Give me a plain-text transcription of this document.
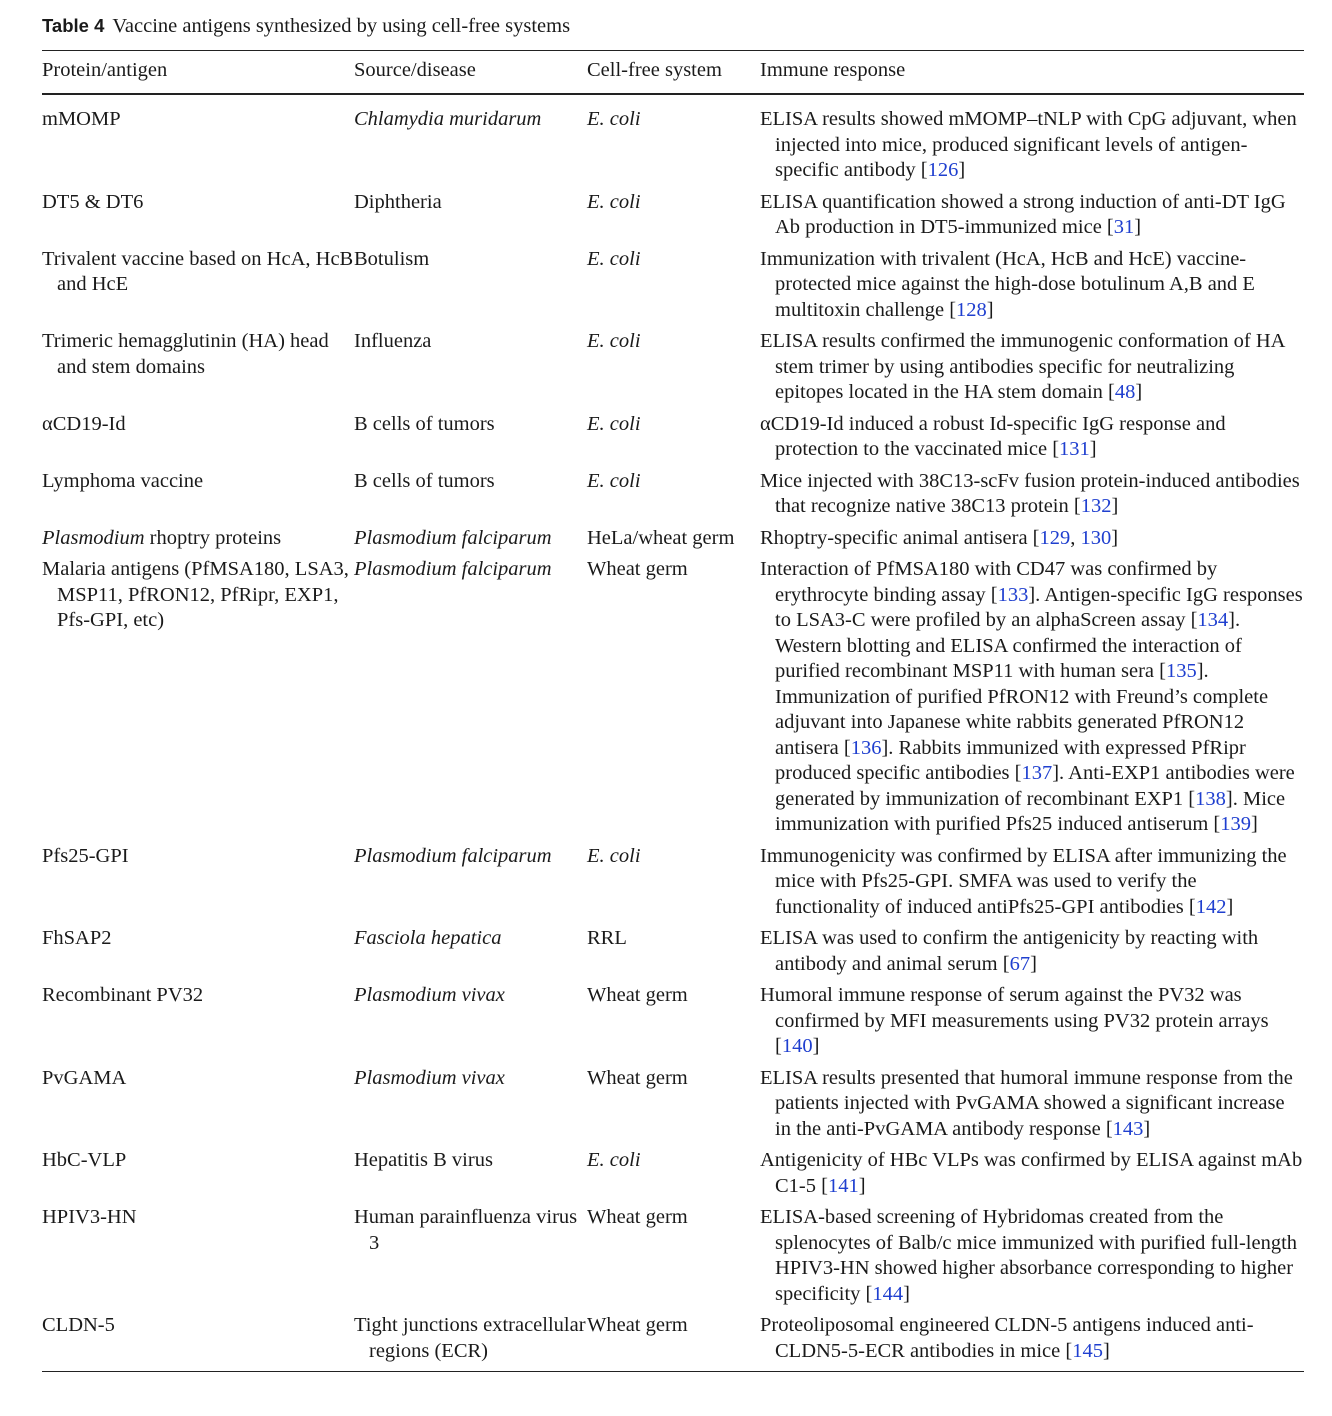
Table 4 Vaccine antigens synthesized by using cell-free systems
Protein/antigen	Source/disease	Cell-free system	Immune response

mMOMP	Chlamydia muridarum	E. coli	ELISA results showed mMOMP–tNLP with CpG adjuvant, when injected into mice, produced significant levels of antigen-specific antibody [126]

DT5 & DT6	Diphtheria	E. coli	ELISA quantification showed a strong induction of anti-DT IgG Ab production in DT5-immunized mice [31]

Trivalent vaccine based on HcA, HcB and HcE	Botulism	E. coli	Immunization with trivalent (HcA, HcB and HcE) vaccine-protected mice against the high-dose botulinum A,B and E multitoxin challenge [128]

Trimeric hemagglutinin (HA) head and stem domains	Influenza	E. coli	ELISA results confirmed the immunogenic conformation of HA stem trimer by using antibodies specific for neutralizing epitopes located in the HA stem domain [48]

αCD19-Id	B cells of tumors	E. coli	αCD19-Id induced a robust Id-specific IgG response and protection to the vaccinated mice [131]

Lymphoma vaccine	B cells of tumors	E. coli	Mice injected with 38C13-scFv fusion protein-induced antibodies that recognize native 38C13 protein [132]

Plasmodium rhoptry proteins	Plasmodium falciparum	HeLa/wheat germ	Rhoptry-specific animal antisera [129, 130]

Malaria antigens (PfMSA180, LSA3, MSP11, PfRON12, PfRipr, EXP1, Pfs-GPI, etc)	Plasmodium falciparum	Wheat germ	Interaction of PfMSA180 with CD47 was confirmed by erythrocyte binding assay [133]. Antigen-specific IgG responses to LSA3-C were profiled by an alphaScreen assay [134]. Western blotting and ELISA confirmed the interaction of purified recombinant MSP11 with human sera [135]. Immunization of purified PfRON12 with Freund’s complete adjuvant into Japanese white rabbits generated PfRON12 antisera [136]. Rabbits immunized with expressed PfRipr produced specific antibodies [137]. Anti-EXP1 antibodies were generated by immunization of recombinant EXP1 [138]. Mice immunization with purified Pfs25 induced antiserum [139]

Pfs25-GPI	Plasmodium falciparum	E. coli	Immunogenicity was confirmed by ELISA after immunizing the mice with Pfs25-GPI. SMFA was used to verify the functionality of induced antiPfs25-GPI antibodies [142]

FhSAP2	Fasciola hepatica	RRL	ELISA was used to confirm the antigenicity by reacting with antibody and animal serum [67]

Recombinant PV32	Plasmodium vivax	Wheat germ	Humoral immune response of serum against the PV32 was confirmed by MFI measurements using PV32 protein arrays [140]

PvGAMA	Plasmodium vivax	Wheat germ	ELISA results presented that humoral immune response from the patients injected with PvGAMA showed a significant increase in the anti-PvGAMA antibody response [143]

HbC-VLP	Hepatitis B virus	E. coli	Antigenicity of HBc VLPs was confirmed by ELISA against mAb C1-5 [141]

HPIV3-HN	Human parainfluenza virus 3	Wheat germ	ELISA-based screening of Hybridomas created from the splenocytes of Balb/c mice immunized with purified full-length HPIV3-HN showed higher absorbance corresponding to higher specificity [144]

CLDN-5	Tight junctions extracellular regions (ECR)	Wheat germ	Proteoliposomal engineered CLDN-5 antigens induced anti-CLDN5-5-ECR antibodies in mice [145]
